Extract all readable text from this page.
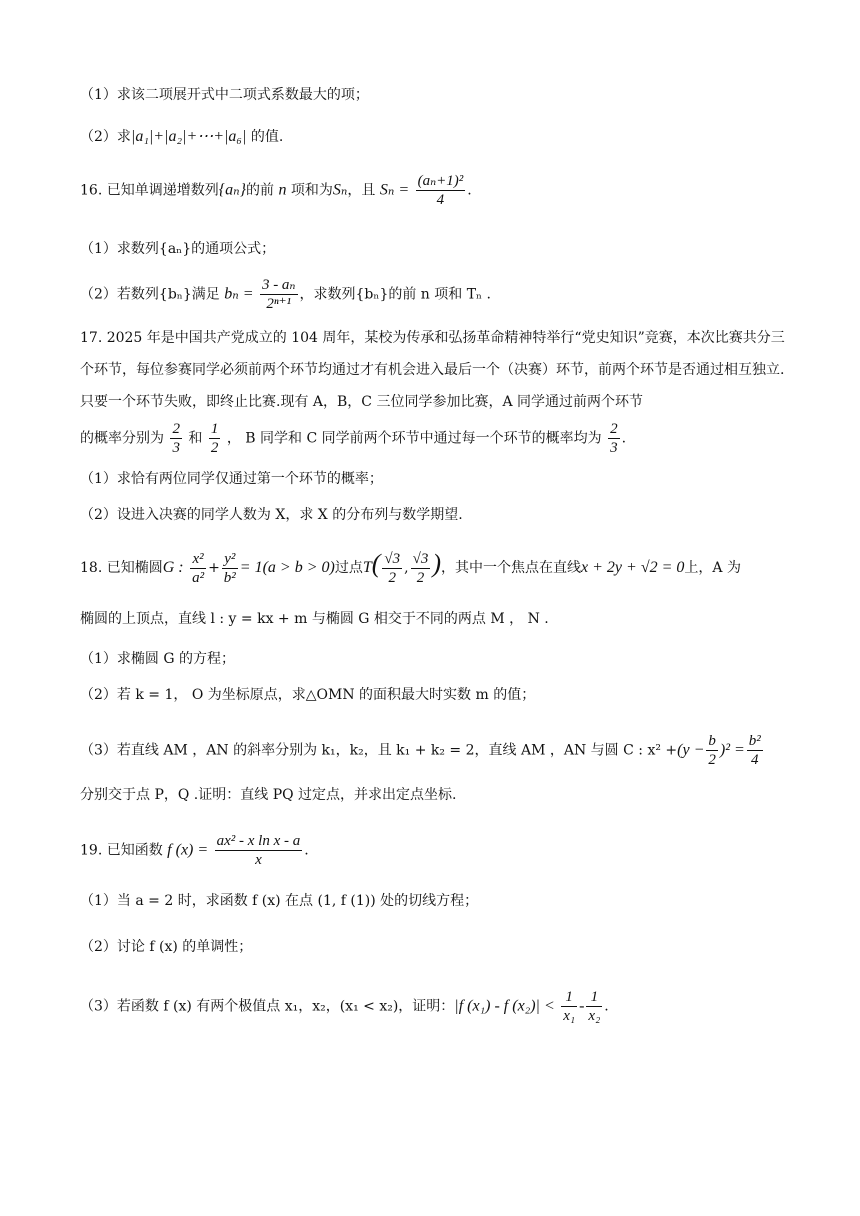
（1）求该二项展开式中二项式系数最大的项；
（2）求|a₁|+|a₂|+⋯+|a₆| 的值.
16. 已知单调递增数列{aₙ}的前 n 项和为Sₙ，且 $S_n = \frac{\text{(aₙ+1)²}}{4}$ .
（1）求数列{aₙ}的通项公式；
（2）若数列{bₙ}满足 $b_n = \frac{\text{3 - aₙ}}{\text{2ⁿ⁺¹}}$ ，求数列{bₙ}的前 n 项和 Tₙ .
17. 2025 年是中国共产党成立的 104 周年，某校为传承和弘扬革命精神特举行“党史知识”竞赛，本次比赛共分三个环节，每位参赛同学必须前两个环节均通过才有机会进入最后一个（决赛）环节，前两个环节是否通过相互独立.只要一个环节失败，即终止比赛.现有 A，B，C 三位同学参加比赛，A 同学通过前两个环节
的概率分别为 $\frac{2}{3}$ 和 $\frac{1}{2}$ ， B 同学和 C 同学前两个环节中通过每一个环节的概率均为 $\frac{2}{3}$ .
（1）求恰有两位同学仅通过第一个环节的概率；
（2）设进入决赛的同学人数为 X，求 X 的分布列与数学期望.
18. 已知椭圆G : $\frac{\text{x²}}{\text{a²}} + \frac{\text{y²}}{\text{b²}} = 1(a > b > 0)$过点$T( \frac{√3}{2}$ , $\frac{√3}{2}$ )，其中一个焦点在直线x + 2y + √2 = 0上，A 为
椭圆的上顶点，直线 l : y = kx + m 与椭圆 G 相交于不同的两点 M ， N .
（1）求椭圆 G 的方程；
（2）若 k = 1， O 为坐标原点，求△OMN 的面积最大时实数 m 的值；
（3）若直线 AM ，AN 的斜率分别为 k₁，k₂，且 k₁ + k₂ = 2，直线 AM ，AN 与圆 C : $x^2 +(y - \frac{b}{2} )^2 = \frac{\text{b²}}{4}$
分别交于点 P，Q .证明：直线 PQ 过定点，并求出定点坐标.
19. 已知函数 f $(x) = \frac{\text{ax² - x ln x - a}}{x}$ .
（1）当 a = 2 时，求函数 f (x) 在点 (1, f (1)) 处的切线方程；
（2）讨论 f (x) 的单调性；
（3）若函数 f (x) 有两个极值点 x₁，x₂，(x₁ < x₂)，证明：|f (x₁) - f $(x_2)| < \frac{1}{\text{x₁}} - \frac{1}{\text{x₂}}$ .
